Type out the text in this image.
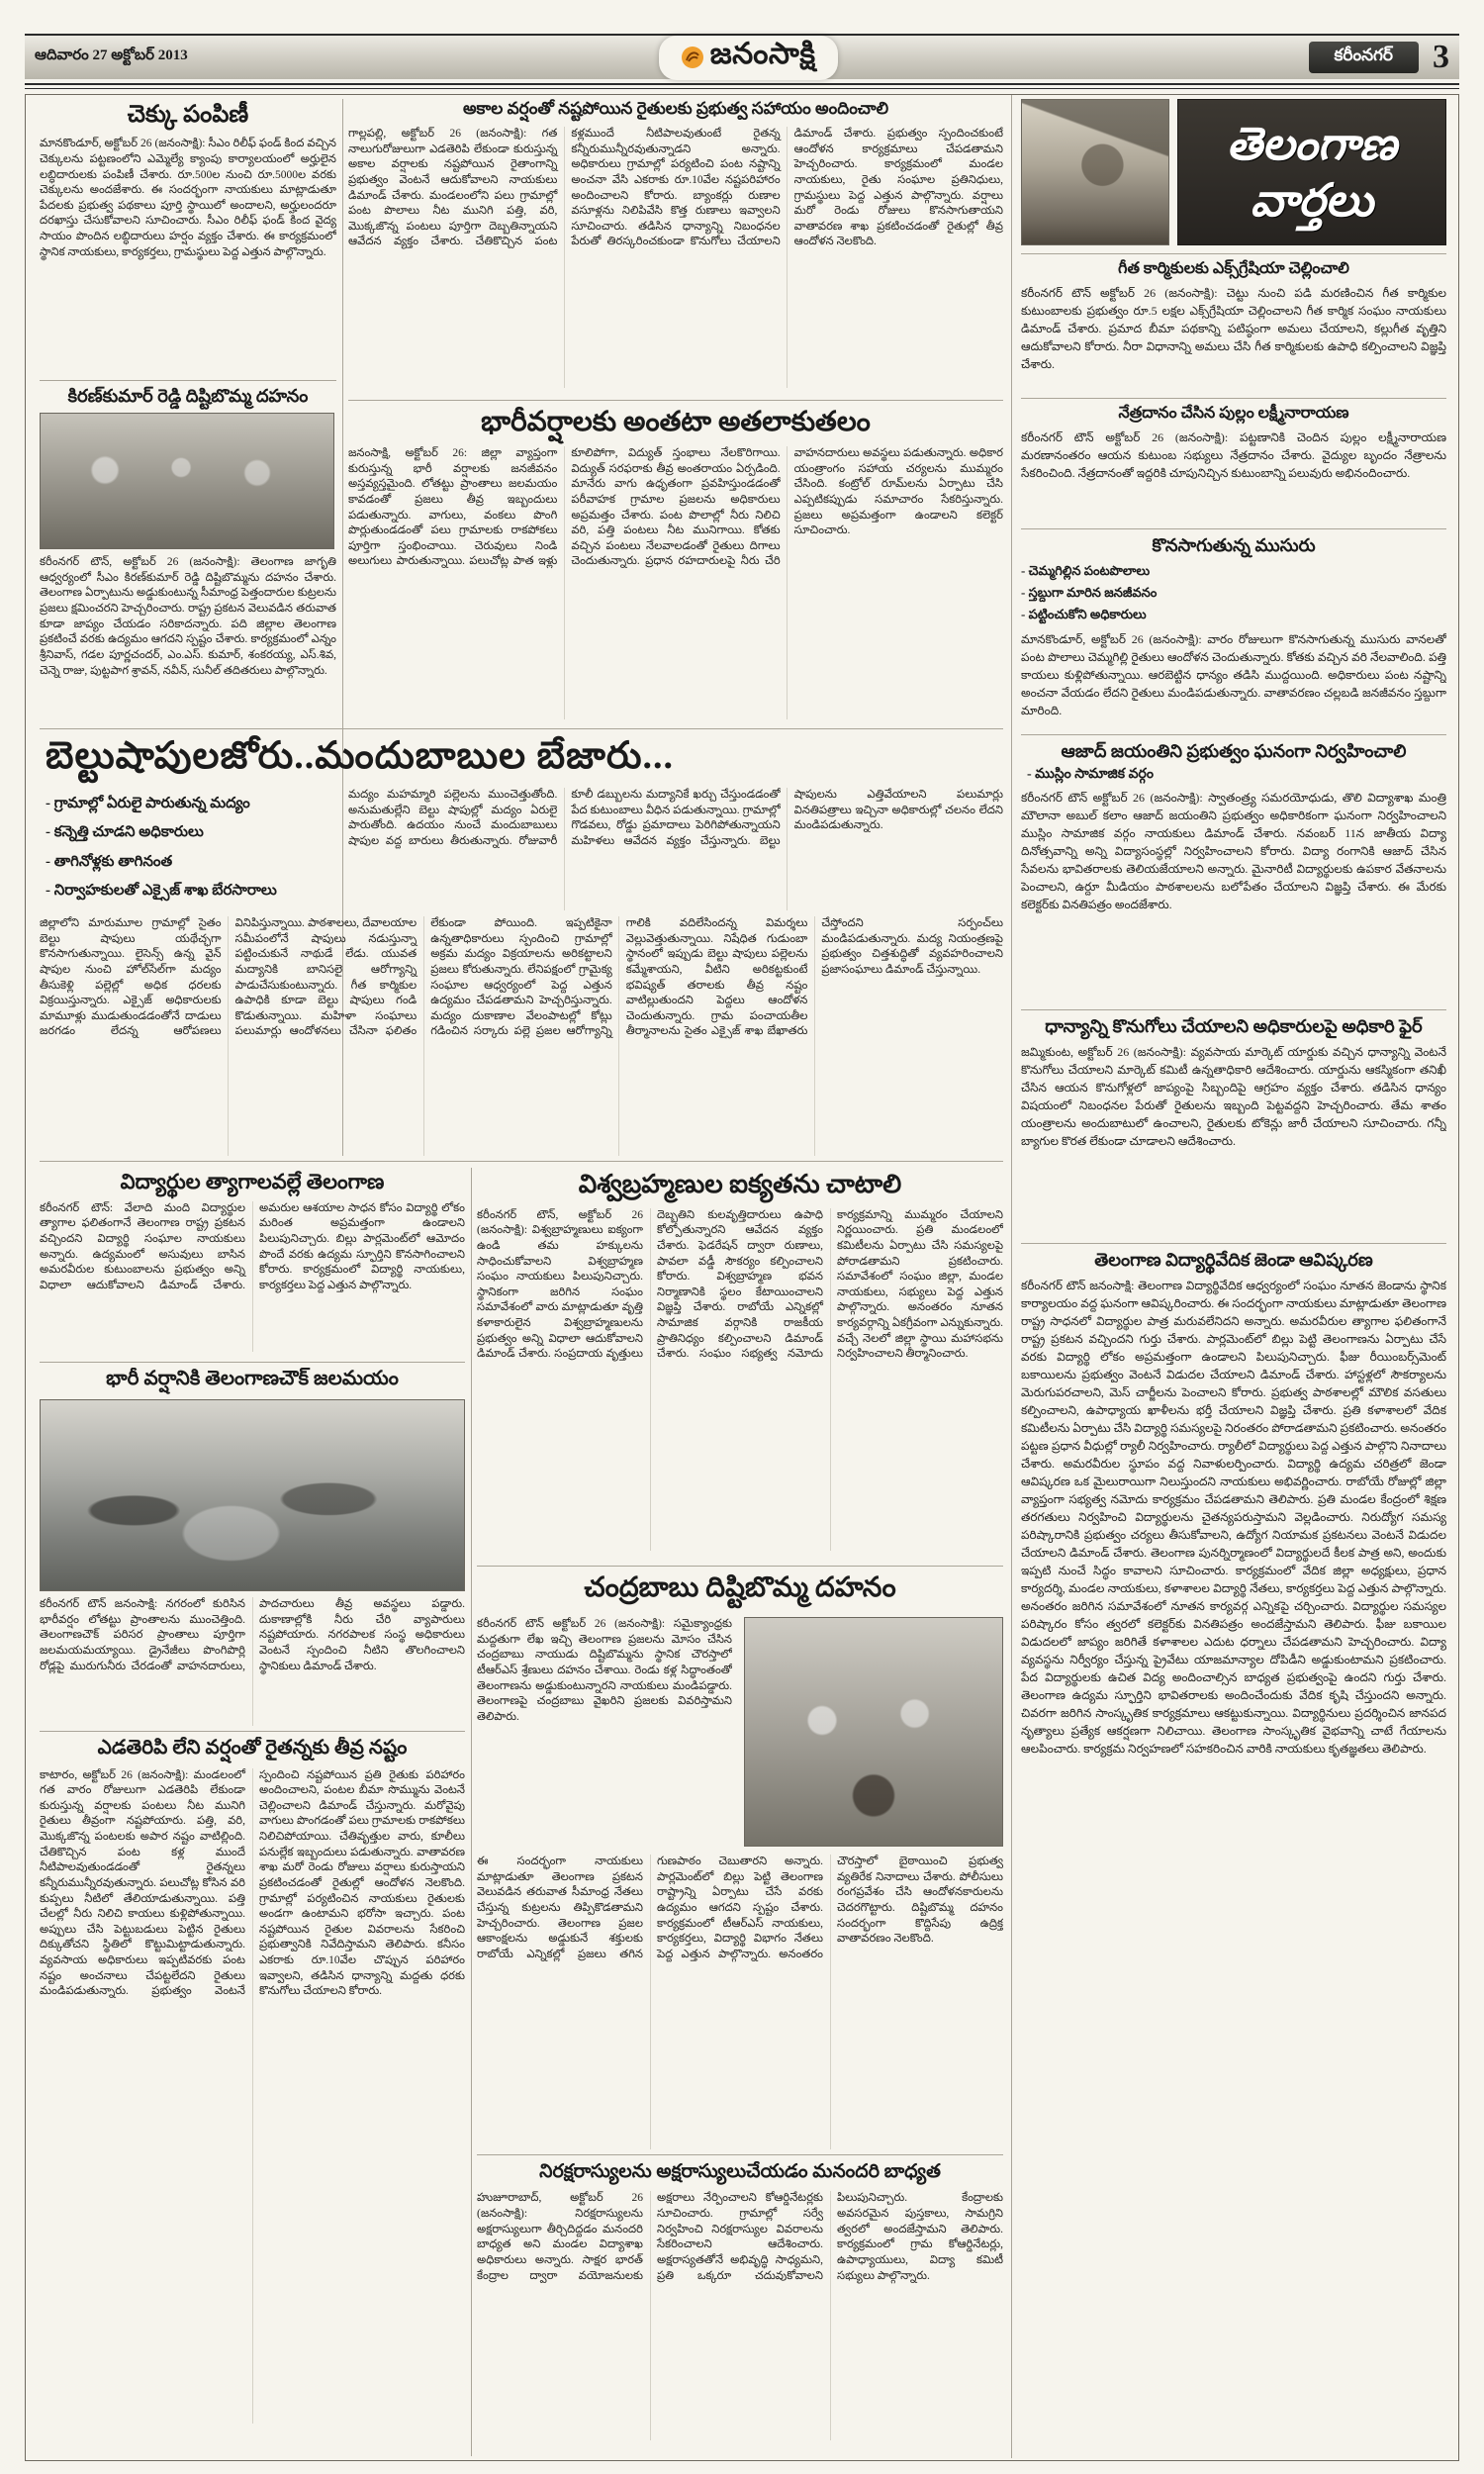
ఆదివారం 27 అక్టోబర్ 2013	జనంసాక్షి	కరీంనగర్	3
చెక్కు పంపిణీ
మానకొండూర్, అక్టోబర్ 26 (జనంసాక్షి): సీఎం రిలీఫ్ ఫండ్ కింద వచ్చిన చెక్కులను పట్టణంలోని ఎమ్మెల్యే క్యాంపు కార్యాలయంలో అర్హులైన లబ్ధిదారులకు పంపిణీ చేశారు. రూ.500ల నుంచి రూ.5000ల వరకు చెక్కులను అందజేశారు. ఈ సందర్భంగా నాయకులు మాట్లాడుతూ పేదలకు ప్రభుత్వ పథకాలు పూర్తి స్థాయిలో అందాలని, అర్హులందరూ దరఖాస్తు చేసుకోవాలని సూచించారు. సీఎం రిలీఫ్ ఫండ్ కింద వైద్య సాయం పొందిన లబ్ధిదారులు హర్షం వ్యక్తం చేశారు. ఈ కార్యక్రమంలో స్థానిక నాయకులు, కార్యకర్తలు, గ్రామస్థులు పెద్ద ఎత్తున పాల్గొన్నారు.
కిరణ్‌కుమార్ రెడ్డి దిష్టిబొమ్మ దహనం
కరీంనగర్ టౌన్, అక్టోబర్ 26 (జనంసాక్షి): తెలంగాణ జాగృతి ఆధ్వర్యంలో సీఎం కిరణ్‌కుమార్ రెడ్డి దిష్టిబొమ్మను దహనం చేశారు. తెలంగాణ ఏర్పాటును అడ్డుకుంటున్న సీమాంధ్ర పెత్తందారుల కుట్రలను ప్రజలు క్షమించరని హెచ్చరించారు. రాష్ట్ర ప్రకటన వెలువడిన తరువాత కూడా జాప్యం చేయడం సరికాదన్నారు. పది జిల్లాల తెలంగాణ ప్రకటించే వరకు ఉద్యమం ఆగదని స్పష్టం చేశారు. కార్యక్రమంలో ఎన్నం శ్రీనివాస్, గడల పూర్ణచందర్, ఎం.ఎస్. కుమార్, శంకరయ్య, ఎస్.శివ, చెన్నె రాజు, పుట్టపాగ శ్రావన్, నవీన్, సునీల్ తదితరులు పాల్గొన్నారు.
అకాల వర్షంతో నష్టపోయిన రైతులకు ప్రభుత్వ సహాయం అందించాలి
గాల్లపల్లి, అక్టోబర్ 26 (జనంసాక్షి): గత నాలుగురోజులుగా ఎడతెరిపి లేకుండా కురుస్తున్న అకాల వర్షాలకు నష్టపోయిన రైతాంగాన్ని ప్రభుత్వం వెంటనే ఆదుకోవాలని నాయకులు డిమాండ్ చేశారు. మండలంలోని పలు గ్రామాల్లో పంట పొలాలు నీట మునిగి పత్తి, వరి, మొక్కజొన్న పంటలు పూర్తిగా దెబ్బతిన్నాయని ఆవేదన వ్యక్తం చేశారు. చేతికొచ్చిన పంట కళ్లముందే నీటిపాలవుతుంటే రైతన్న కన్నీరుమున్నీరవుతున్నాడని అన్నారు. అధికారులు గ్రామాల్లో పర్యటించి పంట నష్టాన్ని అంచనా వేసి ఎకరాకు రూ.10వేల నష్టపరిహారం అందించాలని కోరారు. బ్యాంకర్లు రుణాల వసూళ్లను నిలిపివేసి కొత్త రుణాలు ఇవ్వాలని సూచించారు. తడిసిన ధాన్యాన్ని నిబంధనల పేరుతో తిరస్కరించకుండా కొనుగోలు చేయాలని డిమాండ్ చేశారు. ప్రభుత్వం స్పందించకుంటే ఆందోళన కార్యక్రమాలు చేపడతామని హెచ్చరించారు. కార్యక్రమంలో మండల నాయకులు, రైతు సంఘాల ప్రతినిధులు, గ్రామస్థులు పెద్ద ఎత్తున పాల్గొన్నారు. వర్షాలు మరో రెండు రోజులు కొనసాగుతాయని వాతావరణ శాఖ ప్రకటించడంతో రైతుల్లో తీవ్ర ఆందోళన నెలకొంది.
భారీవర్షాలకు అంతటా అతలాకుతలం
జనంసాక్షి, అక్టోబర్ 26: జిల్లా వ్యాప్తంగా కురుస్తున్న భారీ వర్షాలకు జనజీవనం అస్తవ్యస్తమైంది. లోతట్టు ప్రాంతాలు జలమయం కావడంతో ప్రజలు తీవ్ర ఇబ్బందులు పడుతున్నారు. వాగులు, వంకలు పొంగి పొర్లుతుండడంతో పలు గ్రామాలకు రాకపోకలు పూర్తిగా స్తంభించాయి. చెరువులు నిండి అలుగులు పారుతున్నాయి. పలుచోట్ల పాత ఇళ్లు కూలిపోగా, విద్యుత్ స్తంభాలు నేలకొరిగాయి. విద్యుత్ సరఫరాకు తీవ్ర అంతరాయం ఏర్పడింది. మానేరు వాగు ఉధృతంగా ప్రవహిస్తుండడంతో పరీవాహక గ్రామాల ప్రజలను అధికారులు అప్రమత్తం చేశారు. పంట పొలాల్లో నీరు నిలిచి వరి, పత్తి పంటలు నీట మునిగాయి. కోతకు వచ్చిన పంటలు నేలవాలడంతో రైతులు దిగాలు చెందుతున్నారు. ప్రధాన రహదారులపై నీరు చేరి వాహనదారులు అవస్థలు పడుతున్నారు. అధికార యంత్రాంగం సహాయ చర్యలను ముమ్మరం చేసింది. కంట్రోల్ రూమ్‌లను ఏర్పాటు చేసి ఎప్పటికప్పుడు సమాచారం సేకరిస్తున్నారు. ప్రజలు అప్రమత్తంగా ఉండాలని కలెక్టర్ సూచించారు.
బెల్టుషాపులజోరు..మందుబాబుల బేజారు...
- గ్రామాల్లో ఏరులై పారుతున్న మద్యం
- కన్నెత్తి చూడని అధికారులు
- తాగినోళ్లకు తాగినంత
- నిర్వాహకులతో ఎక్సైజ్ శాఖ బేరసారాలు
మద్యం మహమ్మారి పల్లెలను ముంచెత్తుతోంది. అనుమతుల్లేని బెల్టు షాపుల్లో మద్యం ఏరులై పారుతోంది. ఉదయం నుంచే మందుబాబులు షాపుల వద్ద బారులు తీరుతున్నారు. రోజువారీ కూలీ డబ్బులను మద్యానికే ఖర్చు చేస్తుండడంతో పేద కుటుంబాలు వీధిన పడుతున్నాయి. గ్రామాల్లో గొడవలు, రోడ్డు ప్రమాదాలు పెరిగిపోతున్నాయని మహిళలు ఆవేదన వ్యక్తం చేస్తున్నారు. బెల్టు షాపులను ఎత్తివేయాలని పలుమార్లు వినతిపత్రాలు ఇచ్చినా అధికారుల్లో చలనం లేదని మండిపడుతున్నారు.
జిల్లాలోని మారుమూల గ్రామాల్లో సైతం బెల్టు షాపులు యథేచ్ఛగా కొనసాగుతున్నాయి. లైసెన్స్ ఉన్న వైన్ షాపుల నుంచి హోల్‌సేల్‌గా మద్యం తీసుకెళ్లి పల్లెల్లో అధిక ధరలకు విక్రయిస్తున్నారు. ఎక్సైజ్ అధికారులకు మామూళ్లు ముడుతుండడంతోనే దాడులు జరగడం లేదన్న ఆరోపణలు వినిపిస్తున్నాయి. పాఠశాలలు, దేవాలయాల సమీపంలోనే షాపులు నడుస్తున్నా పట్టించుకునే నాథుడే లేడు. యువత మద్యానికి బానిసలై ఆరోగ్యాన్ని పాడుచేసుకుంటున్నారు. గీత కార్మికుల ఉపాధికి కూడా బెల్టు షాపులు గండి కొడుతున్నాయి. మహిళా సంఘాలు పలుమార్లు ఆందోళనలు చేసినా ఫలితం లేకుండా పోయింది. ఇప్పటికైనా ఉన్నతాధికారులు స్పందించి గ్రామాల్లో అక్రమ మద్యం విక్రయాలను అరికట్టాలని ప్రజలు కోరుతున్నారు. లేనిపక్షంలో గ్రామైక్య సంఘాల ఆధ్వర్యంలో పెద్ద ఎత్తున ఉద్యమం చేపడతామని హెచ్చరిస్తున్నారు. మద్యం దుకాణాల వేలంపాటల్లో కోట్లు గడించిన సర్కారు పల్లె ప్రజల ఆరోగ్యాన్ని గాలికి వదిలేసిందన్న విమర్శలు వెల్లువెత్తుతున్నాయి. నిషేధిత గుడుంబా స్థానంలో ఇప్పుడు బెల్టు షాపులు పల్లెలను కమ్మేశాయని, వీటిని అరికట్టకుంటే భవిష్యత్ తరాలకు తీవ్ర నష్టం వాటిల్లుతుందని పెద్దలు ఆందోళన చెందుతున్నారు. గ్రామ పంచాయతీల తీర్మానాలను సైతం ఎక్సైజ్ శాఖ బేఖాతరు చేస్తోందని సర్పంచ్‌లు మండిపడుతున్నారు. మద్య నియంత్రణపై ప్రభుత్వం చిత్తశుద్ధితో వ్యవహరించాలని ప్రజాసంఘాలు డిమాండ్ చేస్తున్నాయి.
విద్యార్థుల త్యాగాలవల్లే తెలంగాణ
కరీంనగర్ టౌన్: వేలాది మంది విద్యార్థుల త్యాగాల ఫలితంగానే తెలంగాణ రాష్ట్ర ప్రకటన వచ్చిందని విద్యార్థి సంఘాల నాయకులు అన్నారు. ఉద్యమంలో అసువులు బాసిన అమరవీరుల కుటుంబాలను ప్రభుత్వం అన్ని విధాలా ఆదుకోవాలని డిమాండ్ చేశారు. అమరుల ఆశయాల సాధన కోసం విద్యార్థి లోకం మరింత అప్రమత్తంగా ఉండాలని పిలుపునిచ్చారు. బిల్లు పార్లమెంట్‌లో ఆమోదం పొందే వరకు ఉద్యమ స్ఫూర్తిని కొనసాగించాలని కోరారు. కార్యక్రమంలో విద్యార్థి నాయకులు, కార్యకర్తలు పెద్ద ఎత్తున పాల్గొన్నారు.
భారీ వర్షానికి తెలంగాణచౌక్ జలమయం
కరీంనగర్ టౌన్ జనంసాక్షి: నగరంలో కురిసిన భారీవర్షం లోతట్టు ప్రాంతాలను ముంచెత్తింది. తెలంగాణచౌక్ పరిసర ప్రాంతాలు పూర్తిగా జలమయమయ్యాయి. డ్రైనేజీలు పొంగిపొర్లి రోడ్లపై మురుగునీరు చేరడంతో వాహనదారులు, పాదచారులు తీవ్ర అవస్థలు పడ్డారు. దుకాణాల్లోకి నీరు చేరి వ్యాపారులు నష్టపోయారు. నగరపాలక సంస్థ అధికారులు వెంటనే స్పందించి నీటిని తొలగించాలని స్థానికులు డిమాండ్ చేశారు.
ఎడతెరిపి లేని వర్షంతో రైతన్నకు తీవ్ర నష్టం
కాటారం, అక్టోబర్ 26 (జనంసాక్షి): మండలంలో గత వారం రోజులుగా ఎడతెరిపి లేకుండా కురుస్తున్న వర్షాలకు పంటలు నీట మునిగి రైతులు తీవ్రంగా నష్టపోయారు. పత్తి, వరి, మొక్కజొన్న పంటలకు అపార నష్టం వాటిల్లింది. చేతికొచ్చిన పంట కళ్ల ముందే నీటిపాలవుతుండడంతో రైతన్నలు కన్నీరుమున్నీరవుతున్నారు. పలుచోట్ల కోసిన వరి కుప్పలు నీటిలో తేలియాడుతున్నాయి. పత్తి చేలల్లో నీరు నిలిచి కాయలు కుళ్లిపోతున్నాయి. అప్పులు చేసి పెట్టుబడులు పెట్టిన రైతులు దిక్కుతోచని స్థితిలో కొట్టుమిట్టాడుతున్నారు. వ్యవసాయ అధికారులు ఇప్పటివరకు పంట నష్టం అంచనాలు చేపట్టలేదని రైతులు మండిపడుతున్నారు. ప్రభుత్వం వెంటనే స్పందించి నష్టపోయిన ప్రతి రైతుకు పరిహారం అందించాలని, పంటల బీమా సొమ్మును వెంటనే చెల్లించాలని డిమాండ్ చేస్తున్నారు. మరోవైపు వాగులు పొంగడంతో పలు గ్రామాలకు రాకపోకలు నిలిచిపోయాయి. చేతివృత్తుల వారు, కూలీలు పనుల్లేక ఇబ్బందులు పడుతున్నారు. వాతావరణ శాఖ మరో రెండు రోజులు వర్షాలు కురుస్తాయని ప్రకటించడంతో రైతుల్లో ఆందోళన నెలకొంది. గ్రామాల్లో పర్యటించిన నాయకులు రైతులకు అండగా ఉంటామని భరోసా ఇచ్చారు. పంట నష్టపోయిన రైతుల వివరాలను సేకరించి ప్రభుత్వానికి నివేదిస్తామని తెలిపారు. కనీసం ఎకరాకు రూ.10వేల చొప్పున పరిహారం ఇవ్వాలని, తడిసిన ధాన్యాన్ని మద్దతు ధరకు కొనుగోలు చేయాలని కోరారు.
విశ్వబ్రహ్మణుల ఐక్యతను చాటాలి
కరీంనగర్ టౌన్, అక్టోబర్ 26 (జనంసాక్షి): విశ్వబ్రాహ్మణులు ఐక్యంగా ఉండి తమ హక్కులను సాధించుకోవాలని విశ్వబ్రాహ్మణ సంఘం నాయకులు పిలుపునిచ్చారు. స్థానికంగా జరిగిన సంఘం సమావేశంలో వారు మాట్లాడుతూ వృత్తి కళాకారులైన విశ్వబ్రాహ్మణులను ప్రభుత్వం అన్ని విధాలా ఆదుకోవాలని డిమాండ్ చేశారు. సంప్రదాయ వృత్తులు దెబ్బతిని కులవృత్తిదారులు ఉపాధి కోల్పోతున్నారని ఆవేదన వ్యక్తం చేశారు. ఫెడరేషన్ ద్వారా రుణాలు, పావలా వడ్డీ సౌకర్యం కల్పించాలని కోరారు. విశ్వబ్రాహ్మణ భవన నిర్మాణానికి స్థలం కేటాయించాలని విజ్ఞప్తి చేశారు. రాబోయే ఎన్నికల్లో సామాజిక వర్గానికి రాజకీయ ప్రాతినిధ్యం కల్పించాలని డిమాండ్ చేశారు. సంఘం సభ్యత్వ నమోదు కార్యక్రమాన్ని ముమ్మరం చేయాలని నిర్ణయించారు. ప్రతి మండలంలో కమిటీలను ఏర్పాటు చేసి సమస్యలపై పోరాడతామని ప్రకటించారు. సమావేశంలో సంఘం జిల్లా, మండల నాయకులు, సభ్యులు పెద్ద ఎత్తున పాల్గొన్నారు. అనంతరం నూతన కార్యవర్గాన్ని ఏకగ్రీవంగా ఎన్నుకున్నారు. వచ్చే నెలలో జిల్లా స్థాయి మహాసభను నిర్వహించాలని తీర్మానించారు.
చంద్రబాబు దిష్టిబొమ్మ దహనం
కరీంనగర్ టౌన్ అక్టోబర్ 26 (జనంసాక్షి): సమైక్యాంధ్రకు మద్దతుగా లేఖ ఇచ్చి తెలంగాణ ప్రజలను మోసం చేసిన చంద్రబాబు నాయుడు దిష్టిబొమ్మను స్థానిక చౌరస్తాలో టీఆర్‌ఎస్ శ్రేణులు దహనం చేశాయి. రెండు కళ్ల సిద్ధాంతంతో తెలంగాణను అడ్డుకుంటున్నారని నాయకులు మండిపడ్డారు. తెలంగాణపై చంద్రబాబు వైఖరిని ప్రజలకు వివరిస్తామని తెలిపారు.
ఈ సందర్భంగా నాయకులు మాట్లాడుతూ తెలంగాణ ప్రకటన వెలువడిన తరువాత సీమాంధ్ర నేతలు చేస్తున్న కుట్రలను తిప్పికొడతామని హెచ్చరించారు. తెలంగాణ ప్రజల ఆకాంక్షలను అడ్డుకునే శక్తులకు రాబోయే ఎన్నికల్లో ప్రజలు తగిన గుణపాఠం చెబుతారని అన్నారు. పార్లమెంట్‌లో బిల్లు పెట్టి తెలంగాణ రాష్ట్రాన్ని ఏర్పాటు చేసే వరకు ఉద్యమం ఆగదని స్పష్టం చేశారు. కార్యక్రమంలో టీఆర్‌ఎస్ నాయకులు, కార్యకర్తలు, విద్యార్థి విభాగం నేతలు పెద్ద ఎత్తున పాల్గొన్నారు. అనంతరం చౌరస్తాలో బైఠాయించి ప్రభుత్వ వ్యతిరేక నినాదాలు చేశారు. పోలీసులు రంగప్రవేశం చేసి ఆందోళనకారులను చెదరగొట్టారు. దిష్టిబొమ్మ దహనం సందర్భంగా కొద్దిసేపు ఉద్రిక్త వాతావరణం నెలకొంది.
నిరక్షరాస్యులను అక్షరాస్యులుచేయడం మనందరి బాధ్యత
హుజూరాబాద్, అక్టోబర్ 26 (జనంసాక్షి): నిరక్షరాస్యులను అక్షరాస్యులుగా తీర్చిదిద్దడం మనందరి బాధ్యత అని మండల విద్యాశాఖ అధికారులు అన్నారు. సాక్షర భారత్ కేంద్రాల ద్వారా వయోజనులకు అక్షరాలు నేర్పించాలని కోఆర్డినేటర్లకు సూచించారు. గ్రామాల్లో సర్వే నిర్వహించి నిరక్షరాస్యుల వివరాలను సేకరించాలని ఆదేశించారు. అక్షరాస్యతతోనే అభివృద్ధి సాధ్యమని, ప్రతి ఒక్కరూ చదువుకోవాలని పిలుపునిచ్చారు. కేంద్రాలకు అవసరమైన పుస్తకాలు, సామగ్రిని త్వరలో అందజేస్తామని తెలిపారు. కార్యక్రమంలో గ్రామ కోఆర్డినేటర్లు, ఉపాధ్యాయులు, విద్యా కమిటీ సభ్యులు పాల్గొన్నారు.
తెలంగాణ
వార్తలు
గీత కార్మికులకు ఎక్స్‌గ్రేషియా చెల్లించాలి
కరీంనగర్ టౌన్ అక్టోబర్ 26 (జనంసాక్షి): చెట్టు నుంచి పడి మరణించిన గీత కార్మికుల కుటుంబాలకు ప్రభుత్వం రూ.5 లక్షల ఎక్స్‌గ్రేషియా చెల్లించాలని గీత కార్మిక సంఘం నాయకులు డిమాండ్ చేశారు. ప్రమాద బీమా పథకాన్ని పటిష్ఠంగా అమలు చేయాలని, కల్లుగీత వృత్తిని ఆదుకోవాలని కోరారు. నీరా విధానాన్ని అమలు చేసి గీత కార్మికులకు ఉపాధి కల్పించాలని విజ్ఞప్తి చేశారు.
నేత్రదానం చేసిన పుల్లం లక్ష్మీనారాయణ
కరీంనగర్ టౌన్ అక్టోబర్ 26 (జనంసాక్షి): పట్టణానికి చెందిన పుల్లం లక్ష్మీనారాయణ మరణానంతరం ఆయన కుటుంబ సభ్యులు నేత్రదానం చేశారు. వైద్యుల బృందం నేత్రాలను సేకరించింది. నేత్రదానంతో ఇద్దరికి చూపునిచ్చిన కుటుంబాన్ని పలువురు అభినందించారు.
కొనసాగుతున్న ముసురు
- చెమ్మగిల్లిన పంటపొలాలు
- స్తబ్దుగా మారిన జనజీవనం
- పట్టించుకోని అధికారులు
మానకొండూర్, అక్టోబర్ 26 (జనంసాక్షి): వారం రోజులుగా కొనసాగుతున్న ముసురు వానలతో పంట పొలాలు చెమ్మగిల్లి రైతులు ఆందోళన చెందుతున్నారు. కోతకు వచ్చిన వరి నేలవాలింది. పత్తి కాయలు కుళ్లిపోతున్నాయి. ఆరబెట్టిన ధాన్యం తడిసి ముద్దయింది. అధికారులు పంట నష్టాన్ని అంచనా వేయడం లేదని రైతులు మండిపడుతున్నారు. వాతావరణం చల్లబడి జనజీవనం స్తబ్దుగా మారింది.
ఆజాద్ జయంతిని ప్రభుత్వం ఘనంగా నిర్వహించాలి
- ముస్లిం సామాజిక వర్గం
కరీంనగర్ టౌన్ అక్టోబర్ 26 (జనంసాక్షి): స్వాతంత్ర్య సమరయోధుడు, తొలి విద్యాశాఖ మంత్రి మౌలానా అబుల్ కలాం ఆజాద్ జయంతిని ప్రభుత్వం అధికారికంగా ఘనంగా నిర్వహించాలని ముస్లిం సామాజిక వర్గం నాయకులు డిమాండ్ చేశారు. నవంబర్ 11న జాతీయ విద్యా దినోత్సవాన్ని అన్ని విద్యాసంస్థల్లో నిర్వహించాలని కోరారు. విద్యా రంగానికి ఆజాద్ చేసిన సేవలను భావితరాలకు తెలియజేయాలని అన్నారు. మైనారిటీ విద్యార్థులకు ఉపకార వేతనాలను పెంచాలని, ఉర్దూ మీడియం పాఠశాలలను బలోపేతం చేయాలని విజ్ఞప్తి చేశారు. ఈ మేరకు కలెక్టర్‌కు వినతిపత్రం అందజేశారు.
ధాన్యాన్ని కొనుగోలు చేయాలని అధికారులపై అధికారి ఫైర్
జమ్మికుంట, అక్టోబర్ 26 (జనంసాక్షి): వ్యవసాయ మార్కెట్ యార్డుకు వచ్చిన ధాన్యాన్ని వెంటనే కొనుగోలు చేయాలని మార్కెట్ కమిటీ ఉన్నతాధికారి ఆదేశించారు. యార్డును ఆకస్మికంగా తనిఖీ చేసిన ఆయన కొనుగోళ్లలో జాప్యంపై సిబ్బందిపై ఆగ్రహం వ్యక్తం చేశారు. తడిసిన ధాన్యం విషయంలో నిబంధనల పేరుతో రైతులను ఇబ్బంది పెట్టవద్దని హెచ్చరించారు. తేమ శాతం యంత్రాలను అందుబాటులో ఉంచాలని, రైతులకు టోకెన్లు జారీ చేయాలని సూచించారు. గన్నీ బ్యాగుల కొరత లేకుండా చూడాలని ఆదేశించారు.
తెలంగాణ విద్యార్థివేదిక జెండా ఆవిష్కరణ
కరీంనగర్ టౌన్ జనంసాక్షి: తెలంగాణ విద్యార్థివేదిక ఆధ్వర్యంలో సంఘం నూతన జెండాను స్థానిక కార్యాలయం వద్ద ఘనంగా ఆవిష్కరించారు. ఈ సందర్భంగా నాయకులు మాట్లాడుతూ తెలంగాణ రాష్ట్ర సాధనలో విద్యార్థుల పాత్ర మరువలేనిదని అన్నారు. అమరవీరుల త్యాగాల ఫలితంగానే రాష్ట్ర ప్రకటన వచ్చిందని గుర్తు చేశారు. పార్లమెంట్‌లో బిల్లు పెట్టి తెలంగాణను ఏర్పాటు చేసే వరకు విద్యార్థి లోకం అప్రమత్తంగా ఉండాలని పిలుపునిచ్చారు. ఫీజు రీయింబర్స్‌మెంట్ బకాయిలను ప్రభుత్వం వెంటనే విడుదల చేయాలని డిమాండ్ చేశారు. హాస్టళ్లలో సౌకర్యాలను మెరుగుపరచాలని, మెస్ చార్జీలను పెంచాలని కోరారు. ప్రభుత్వ పాఠశాలల్లో మౌలిక వసతులు కల్పించాలని, ఉపాధ్యాయ ఖాళీలను భర్తీ చేయాలని విజ్ఞప్తి చేశారు. ప్రతి కళాశాలలో వేదిక కమిటీలను ఏర్పాటు చేసి విద్యార్థి సమస్యలపై నిరంతరం పోరాడతామని ప్రకటించారు. అనంతరం పట్టణ ప్రధాన వీధుల్లో ర్యాలీ నిర్వహించారు. ర్యాలీలో విద్యార్థులు పెద్ద ఎత్తున పాల్గొని నినాదాలు చేశారు. అమరవీరుల స్థూపం వద్ద నివాళులర్పించారు. విద్యార్థి ఉద్యమ చరిత్రలో జెండా ఆవిష్కరణ ఒక మైలురాయిగా నిలుస్తుందని నాయకులు అభివర్ణించారు. రాబోయే రోజుల్లో జిల్లా వ్యాప్తంగా సభ్యత్వ నమోదు కార్యక్రమం చేపడతామని తెలిపారు. ప్రతి మండల కేంద్రంలో శిక్షణ తరగతులు నిర్వహించి విద్యార్థులను చైతన్యపరుస్తామని వెల్లడించారు. నిరుద్యోగ సమస్య పరిష్కారానికి ప్రభుత్వం చర్యలు తీసుకోవాలని, ఉద్యోగ నియామక ప్రకటనలు వెంటనే విడుదల చేయాలని డిమాండ్ చేశారు. తెలంగాణ పునర్నిర్మాణంలో విద్యార్థులదే కీలక పాత్ర అని, అందుకు ఇప్పటి నుంచే సిద్ధం కావాలని సూచించారు. కార్యక్రమంలో వేదిక జిల్లా అధ్యక్షులు, ప్రధాన కార్యదర్శి, మండల నాయకులు, కళాశాలల విద్యార్థి నేతలు, కార్యకర్తలు పెద్ద ఎత్తున పాల్గొన్నారు. అనంతరం జరిగిన సమావేశంలో నూతన కార్యవర్గ ఎన్నికపై చర్చించారు. విద్యార్థుల సమస్యల పరిష్కారం కోసం త్వరలో కలెక్టర్‌కు వినతిపత్రం అందజేస్తామని తెలిపారు. ఫీజు బకాయిల విడుదలలో జాప్యం జరిగితే కళాశాలల ఎదుట ధర్నాలు చేపడతామని హెచ్చరించారు. విద్యా వ్యవస్థను నిర్వీర్యం చేస్తున్న ప్రైవేటు యాజమాన్యాల దోపిడీని అడ్డుకుంటామని ప్రకటించారు. పేద విద్యార్థులకు ఉచిత విద్య అందించాల్సిన బాధ్యత ప్రభుత్వంపై ఉందని గుర్తు చేశారు. తెలంగాణ ఉద్యమ స్ఫూర్తిని భావితరాలకు అందించేందుకు వేదిక కృషి చేస్తుందని అన్నారు. చివరగా జరిగిన సాంస్కృతిక కార్యక్రమాలు ఆకట్టుకున్నాయి. విద్యార్థినులు ప్రదర్శించిన జానపద నృత్యాలు ప్రత్యేక ఆకర్షణగా నిలిచాయి. తెలంగాణ సాంస్కృతిక వైభవాన్ని చాటే గేయాలను ఆలపించారు. కార్యక్రమ నిర్వహణలో సహకరించిన వారికి నాయకులు కృతజ్ఞతలు తెలిపారు.
